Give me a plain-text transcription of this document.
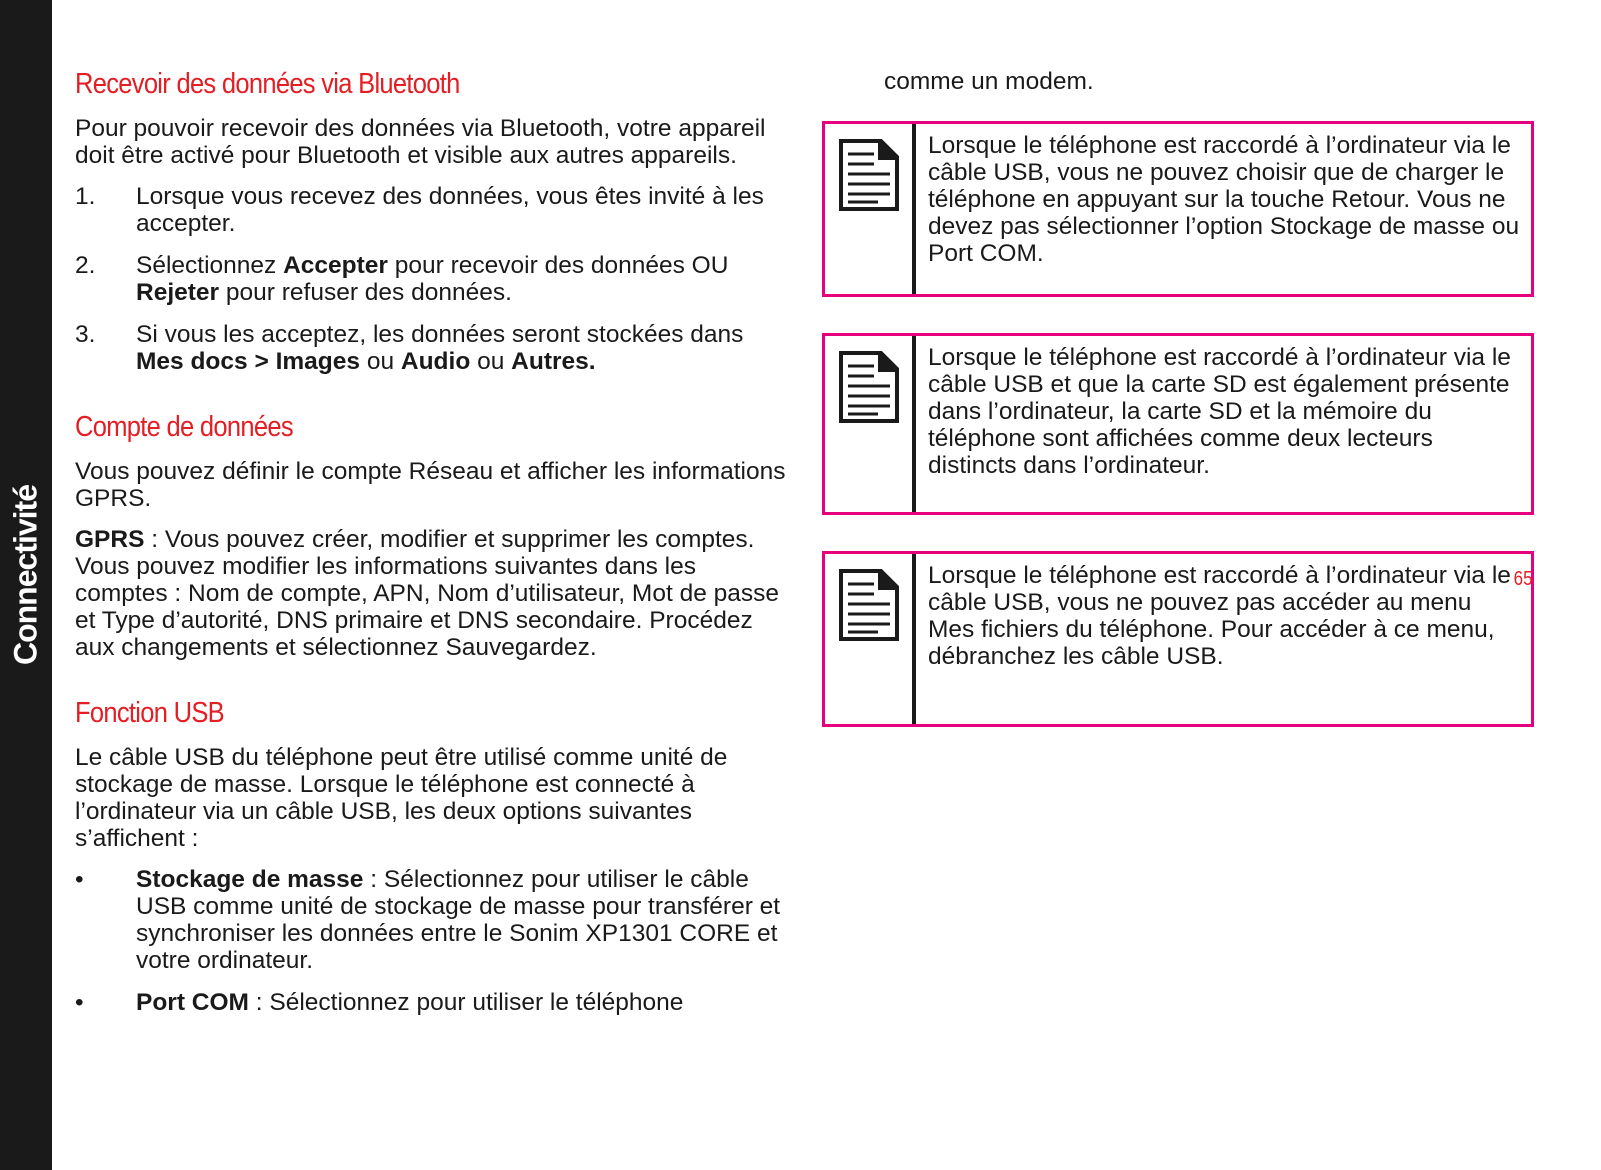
Connectivité
Recevoir des données via Bluetooth

Pour pouvoir recevoir des données via Bluetooth, votre appareil doit être activé pour Bluetooth et visible aux autres appareils.

1.	Lorsque vous recevez des données, vous êtes invité à les accepter.
2.	Sélectionnez Accepter pour recevoir des données OU Rejeter pour refuser des données.
3.	Si vous les acceptez, les données seront stockées dans Mes docs > Images ou Audio ou Autres.
Compte de données

Vous pouvez définir le compte Réseau et afficher les informations GPRS.

GPRS : Vous pouvez créer, modifier et supprimer les comptes. Vous pouvez modifier les informations suivantes dans les comptes : Nom de compte, APN, Nom d’utilisateur, Mot de passe et Type d’autorité, DNS primaire et DNS secondaire. Procédez aux changements et sélectionnez Sauvegardez.

Fonction USB

Le câble USB du téléphone peut être utilisé comme unité de stockage de masse. Lorsque le téléphone est connecté à l’ordinateur via un câble USB, les deux options suivantes s’affichent :

•	Stockage de masse : Sélectionnez pour utiliser le câble USB comme unité de stockage de masse pour transférer et synchroniser les données entre le Sonim XP1301 CORE et votre ordinateur.
•	Port COM : Sélectionnez pour utiliser le téléphone

comme un modem.

Lorsque le téléphone est raccordé à l’ordinateur via le câble USB, vous ne pouvez choisir que de charger le téléphone en appuyant sur la touche Retour. Vous ne devez pas sélectionner l’option Stockage de masse ou Port COM.
Lorsque le téléphone est raccordé à l’ordinateur via le câble USB et que la carte SD est également présente dans l’ordinateur, la carte SD et la mémoire du téléphone sont affichées comme deux lecteurs distincts dans l’ordinateur.
Lorsque le téléphone est raccordé à l’ordinateur via le câble USB, vous ne pouvez pas accéder au menu Mes fichiers du téléphone. Pour accéder à ce menu, débranchez les câble USB.
65
